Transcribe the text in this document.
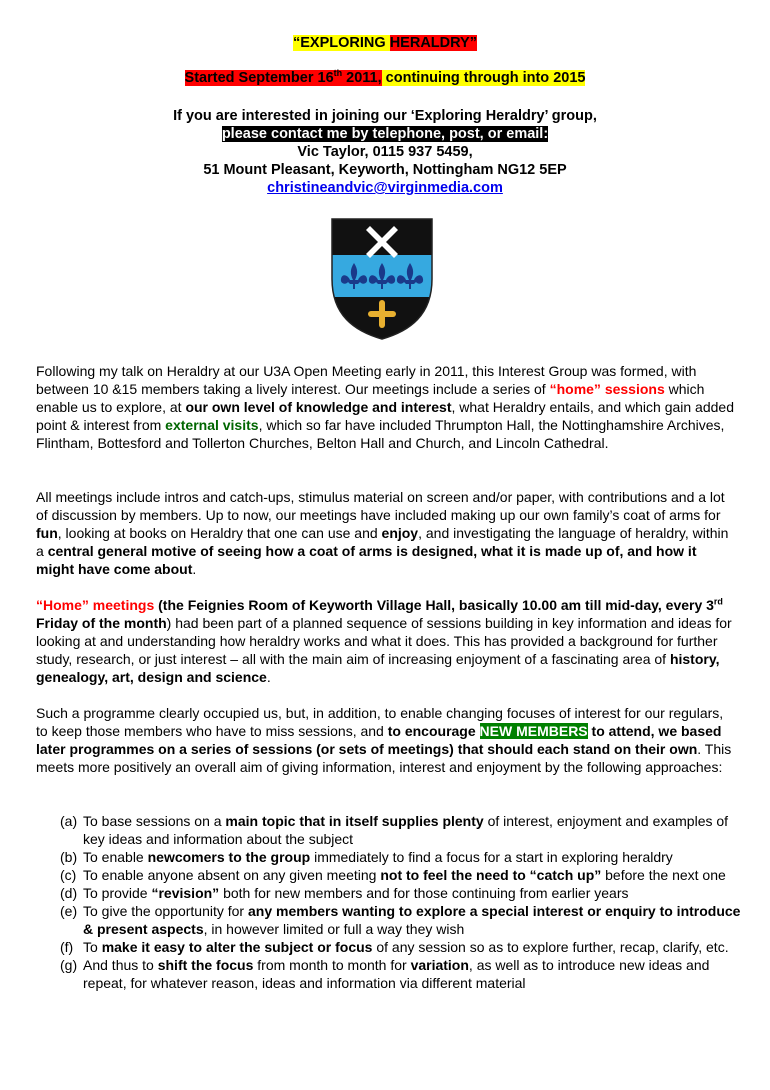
“EXPLORING HERALDRY”
Started September 16th 2011, continuing through into 2015
If you are interested in joining our ‘Exploring Heraldry’ group,
please contact me by telephone, post, or email:
Vic Taylor, 0115 937 5459,
51 Mount Pleasant, Keyworth, Nottingham NG12 5EP
christineandvic@virginmedia.com
Following my talk on Heraldry at our U3A Open Meeting early in 2011, this Interest Group was formed, with between 10 &15 members taking a lively interest. Our meetings include a series of “home” sessions which enable us to explore, at our own level of knowledge and interest, what Heraldry entails, and which gain added point & interest from external visits, which so far have included Thrumpton Hall, the Nottinghamshire Archives, Flintham, Bottesford and Tollerton Churches, Belton Hall and Church, and Lincoln Cathedral.
All meetings include intros and catch-ups, stimulus material on screen and/or paper, with contributions and a lot of discussion by members. Up to now, our meetings have included making up our own family’s coat of arms for fun, looking at books on Heraldry that one can use and enjoy, and investigating the language of heraldry, within a central general motive of seeing how a coat of arms is designed, what it is made up of, and how it might have come about.
“Home” meetings (the Feignies Room of Keyworth Village Hall, basically 10.00 am till mid-day, every 3rd Friday of the month) had been part of a planned sequence of sessions building in key information and ideas for looking at and understanding how heraldry works and what it does. This has provided a background for further study, research, or just interest – all with the main aim of increasing enjoyment of a fascinating area of history, genealogy, art, design and science.
Such a programme clearly occupied us, but, in addition, to enable changing focuses of interest for our regulars, to keep those members who have to miss sessions, and to encourage NEW MEMBERS to attend, we based later programmes on a series of sessions (or sets of meetings) that should each stand on their own. This meets more positively an overall aim of giving information, interest and enjoyment by the following approaches:
(a) To base sessions on a main topic that in itself supplies plenty of interest, enjoyment and examples of key ideas and information about the subject
(b) To enable newcomers to the group immediately to find a focus for a start in exploring heraldry
(c) To enable anyone absent on any given meeting not to feel the need to “catch up” before the next one
(d) To provide “revision” both for new members and for those continuing from earlier years
(e) To give the opportunity for any members wanting to explore a special interest or enquiry to introduce & present aspects, in however limited or full a way they wish
(f) To make it easy to alter the subject or focus of any session so as to explore further, recap, clarify, etc.
(g) And thus to shift the focus from month to month for variation, as well as to introduce new ideas and repeat, for whatever reason, ideas and information via different material
